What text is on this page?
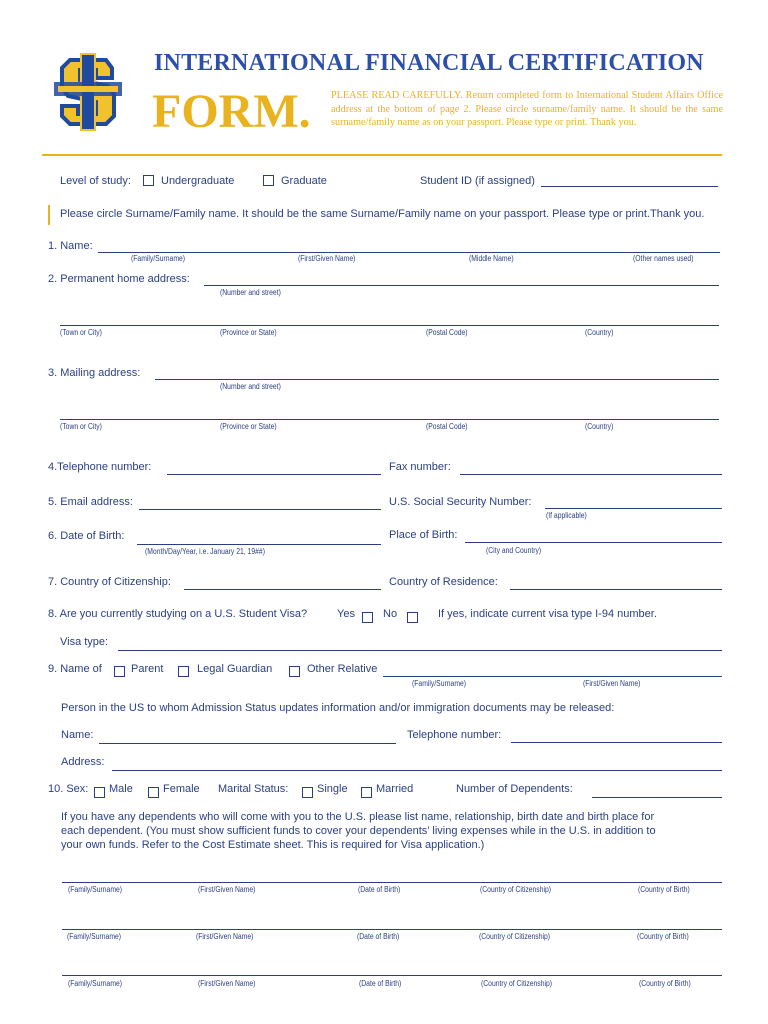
INTERNATIONAL FINANCIAL CERTIFICATION
FORM. PLEASE READ CAREFULLY. Return completed form to International Student Affairs Office address at the bottom of page 2. Please circle surname/family name. It should be the same surname/family name as on your passport. Please type or print. Thank you.
Level of study:	Undergraduate	Graduate	Student ID (if assigned)
Please circle Surname/Family name. It should be the same Surname/Family name on your passport. Please type or print.Thank you.
1. Name:
(Family/Surname)	(First/Given Name)	(Middle Name)	(Other names used)
2. Permanent home address:
(Number and street)
(Town or City)	(Province or State)	(Postal Code)	(Country)
3. Mailing address:
(Number and street)
(Town or City)	(Province or State)	(Postal Code)	(Country)
4.Telephone number:	Fax number:
5. Email address:	U.S. Social Security Number:
(If applicable)
6. Date of Birth:
(Month/Day/Year, i.e. January 21, 19##)
Place of Birth:
(City and Country)
7. Country of Citizenship:	Country of Residence:
8. Are you currently studying on a U.S. Student Visa?	Yes	No	If yes, indicate current visa type I-94 number.
Visa type:
9. Name of	Parent	Legal Guardian	Other Relative
(Family/Surname)	(First/Given Name)
Person in the US to whom Admission Status updates information and/or immigration documents may be released:
Name:	Telephone number:
Address:
10. Sex: Male	Female Marital Status:	Single	Married	Number of Dependents:
If you have any dependents who will come with you to the U.S. please list name, relationship, birth date and birth place for
each dependent. (You must show sufficient funds to cover your dependents’ living expenses while in the U.S. in addition to
your own funds. Refer to the Cost Estimate sheet. This is required for Visa application.)
(Family/Surname)	(First/Given Name)	(Date of Birth)	(Country of Citizenship)	(Country of Birth)
(Family/Surname)	(First/Given Name)	(Date of Birth)	(Country of Citizenship)	(Country of Birth)
(Family/Surname)	(First/Given Name)	(Date of Birth)	(Country of Citizenship)	(Country of Birth)
